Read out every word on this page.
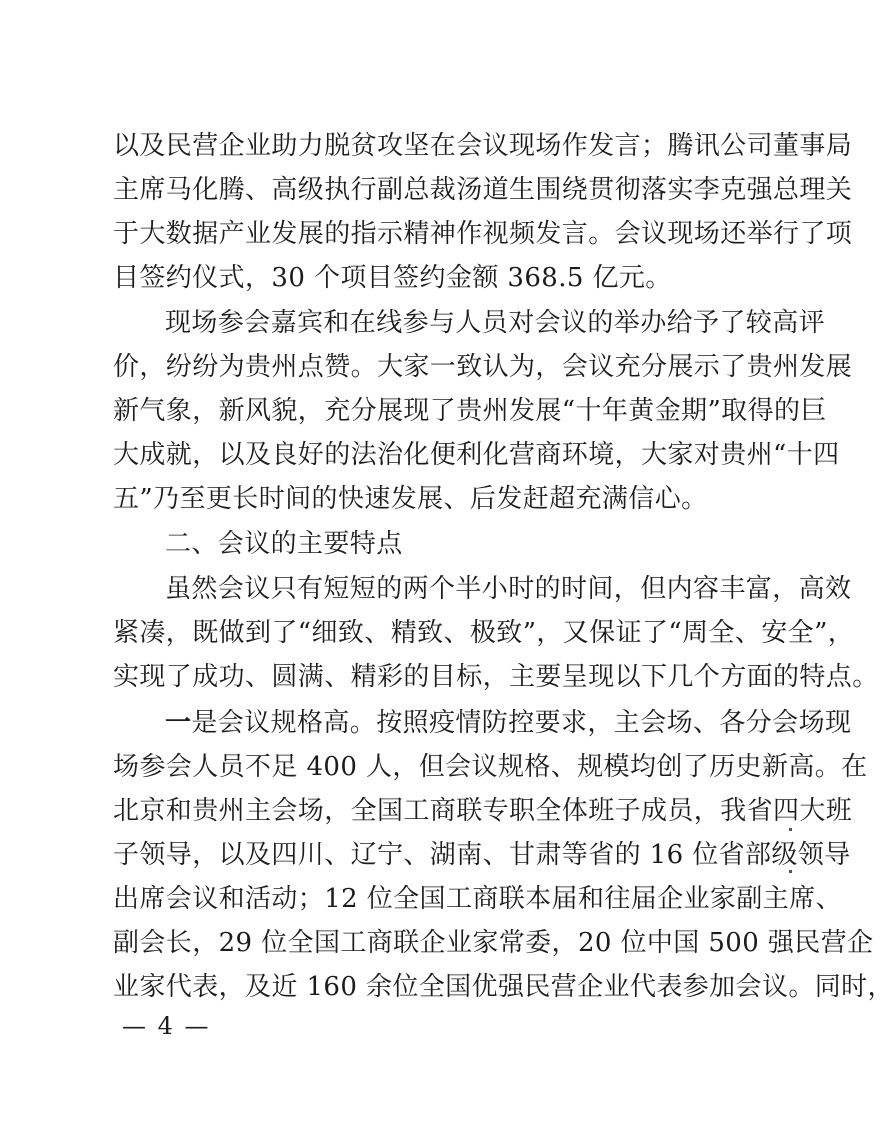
以及民营企业助力脱贫攻坚在会议现场作发言；腾讯公司董事局
主席马化腾、高级执行副总裁汤道生围绕贯彻落实李克强总理关
于大数据产业发展的指示精神作视频发言。会议现场还举行了项
目签约仪式，30 个项目签约金额 368.5 亿元。
现场参会嘉宾和在线参与人员对会议的举办给予了较高评
价，纷纷为贵州点赞。大家一致认为，会议充分展示了贵州发展
新气象，新风貌，充分展现了贵州发展“十年黄金期”取得的巨
大成就，以及良好的法治化便利化营商环境，大家对贵州“十四
五”乃至更长时间的快速发展、后发赶超充满信心。
二、会议的主要特点
虽然会议只有短短的两个半小时的时间，但内容丰富，高效
紧凑，既做到了“细致、精致、极致”，又保证了“周全、安全”，
实现了成功、圆满、精彩的目标，主要呈现以下几个方面的特点。
一是会议规格高。按照疫情防控要求，主会场、各分会场现
场参会人员不足 400 人，但会议规格、规模均创了历史新高。在
北京和贵州主会场，全国工商联专职全体班子成员，我省四大班
子领导，以及四川、辽宁、湖南、甘肃等省的 16 位省部级领导
出席会议和活动；12 位全国工商联本届和往届企业家副主席、
副会长，29 位全国工商联企业家常委，20 位中国 500 强民营企
— 4 —
业家代表，及近 160 余位全国优强民营企业代表参加会议。同时，
